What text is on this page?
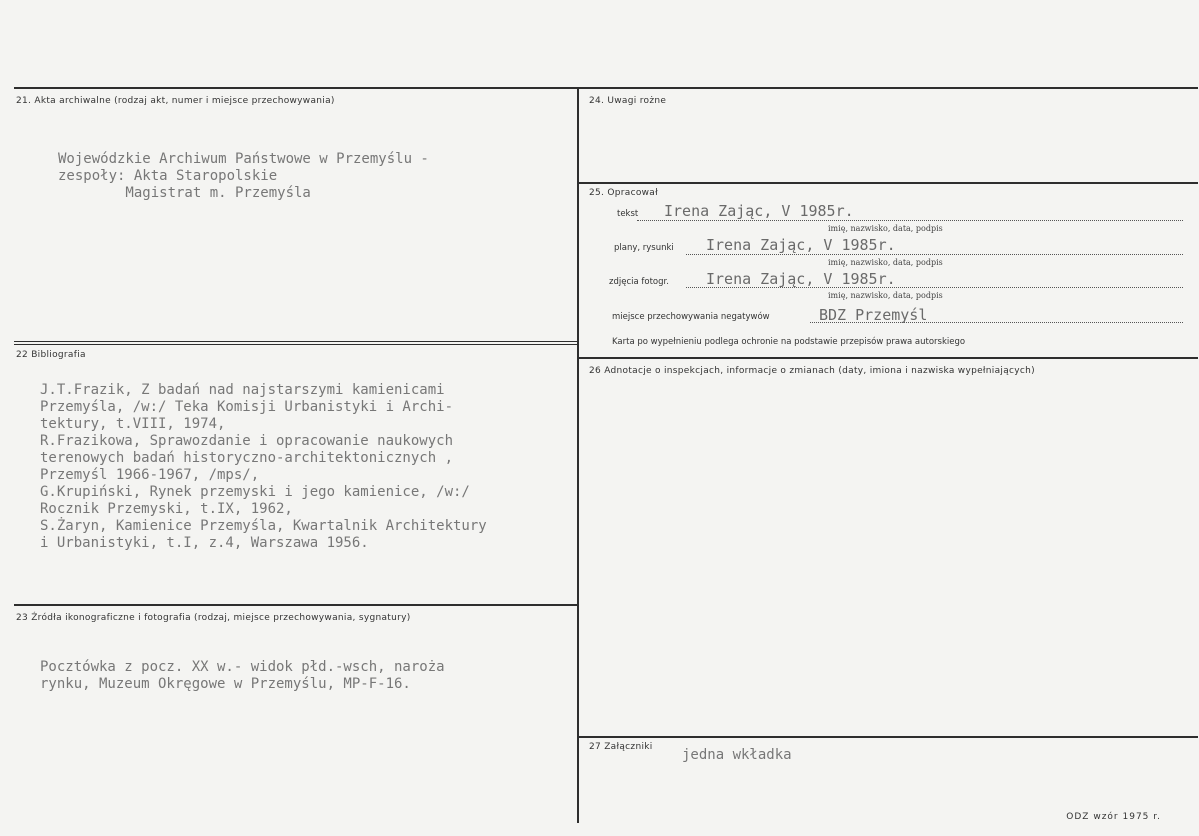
21. Akta archiwalne (rodzaj akt, numer i miejsce przechowywania)
Wojewódzkie Archiwum Państwowe w Przemyślu -
zespoły: Akta Staropolskie
Magistrat m. Przemyśla
22 Bibliografia
J.T.Frazik, Z badań nad najstarszymi kamienicami
Przemyśla, /w:/ Teka Komisji Urbanistyki i Archi-
tektury, t.VIII, 1974,
R.Frazikowa, Sprawozdanie i opracowanie naukowych
terenowych badań historyczno-architektonicznych ,
Przemyśl 1966-1967, /mps/,
G.Krupiński, Rynek przemyski i jego kamienice, /w:/
Rocznik Przemyski, t.IX, 1962,
S.Żaryn, Kamienice Przemyśla, Kwartalnik Architektury
i Urbanistyki, t.I, z.4, Warszawa 1956.
23 Źródła ikonograficzne i fotografia (rodzaj, miejsce przechowywania, sygnatury)
Pocztówka z pocz. XX w.- widok płd.-wsch, naroża
rynku, Muzeum Okręgowe w Przemyślu, MP-F-16.
24. Uwagi rożne
25. Opracował
tekst Irena Zając, V 1985r.
imię, nazwisko, data, podpis
plany, rysunki Irena Zając, V 1985r.
imię, nazwisko, data, podpis
zdjęcia fotogr. Irena Zając, V 1985r.
imię, nazwisko, data, podpis
miejsce przechowywania negatywów	BDZ Przemyśl
Karta po wypełnieniu podlega ochronie na podstawie przepisów prawa autorskiego
26 Adnotacje o inspekcjach, informacje o zmianach (daty, imiona i nazwiska wypełniających)
27 Załączniki jedna wkładka
ODZ wzór 1975 r.
